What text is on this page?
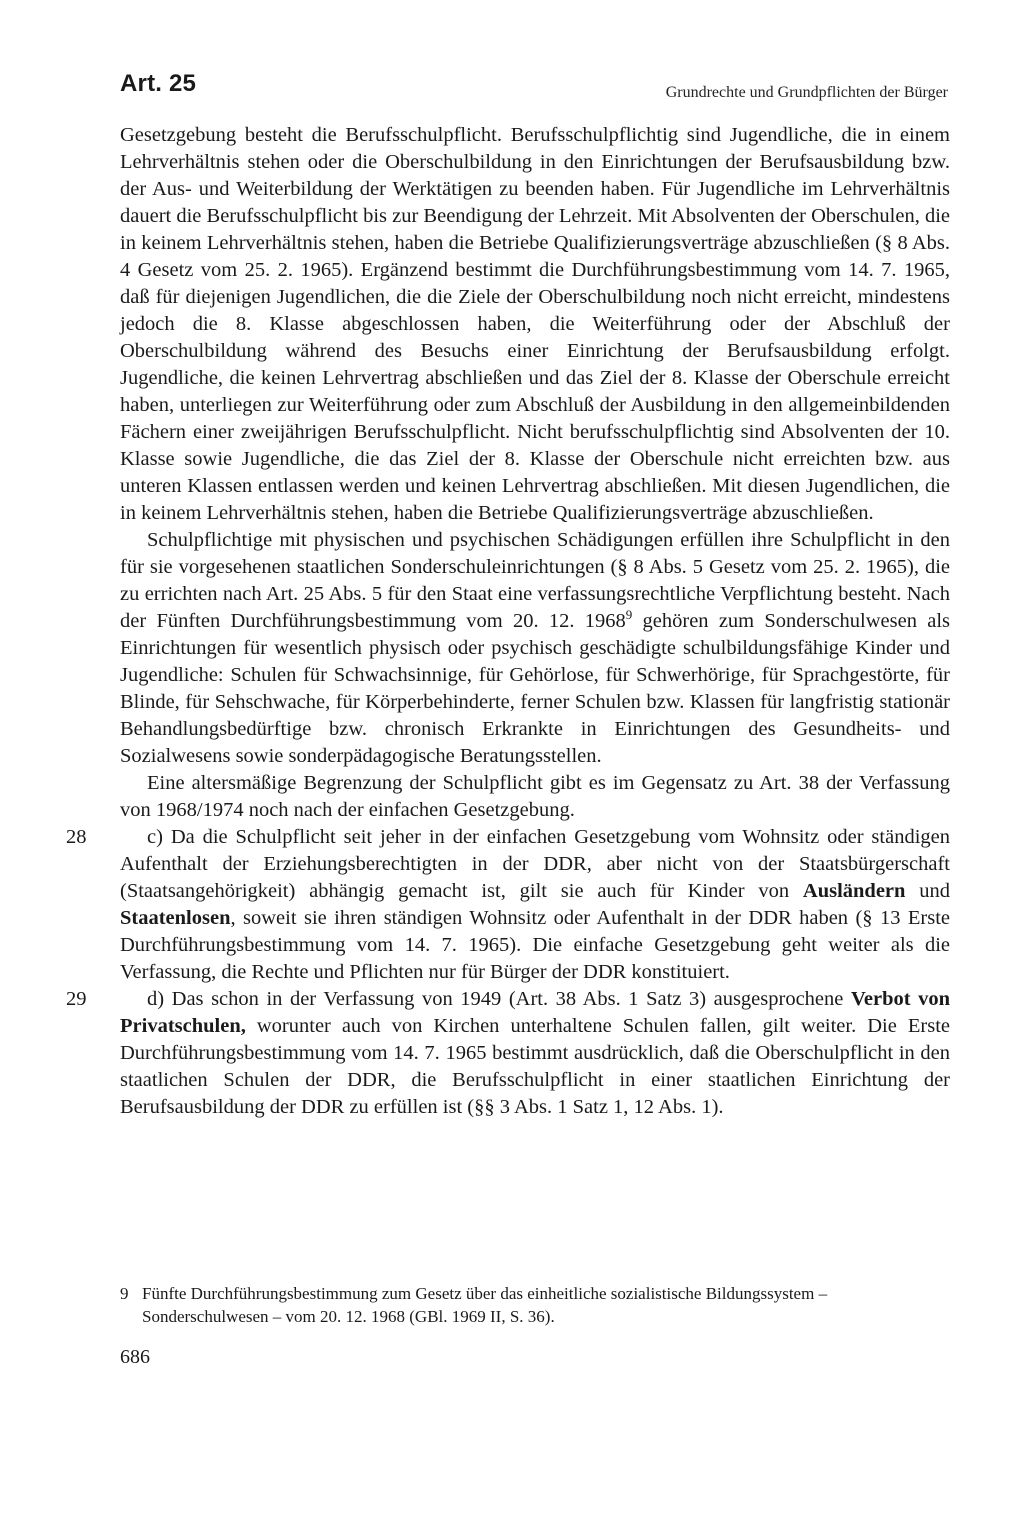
Art. 25	Grundrechte und Grundpflichten der Bürger

Gesetzgebung besteht die Berufsschulpflicht. Berufsschulpflichtig sind Jugendliche, die in einem Lehrverhältnis stehen oder die Oberschulbildung in den Einrichtungen der Berufsausbildung bzw. der Aus- und Weiterbildung der Werktätigen zu beenden haben. Für Jugendliche im Lehrverhältnis dauert die Berufsschulpflicht bis zur Beendigung der Lehrzeit. Mit Absolventen der Oberschulen, die in keinem Lehrverhältnis stehen, haben die Betriebe Qualifizierungsverträge abzuschließen (§ 8 Abs. 4 Gesetz vom 25. 2. 1965). Ergänzend bestimmt die Durchführungsbestimmung vom 14. 7. 1965, daß für diejenigen Jugendlichen, die die Ziele der Oberschulbildung noch nicht erreicht, mindestens jedoch die 8. Klasse abgeschlossen haben, die Weiterführung oder der Abschluß der Oberschulbildung während des Besuchs einer Einrichtung der Berufsausbildung erfolgt. Jugendliche, die keinen Lehrvertrag abschließen und das Ziel der 8. Klasse der Oberschule erreicht haben, unterliegen zur Weiterführung oder zum Abschluß der Ausbildung in den allgemeinbildenden Fächern einer zweijährigen Berufsschulpflicht. Nicht berufsschulpflichtig sind Absolventen der 10. Klasse sowie Jugendliche, die das Ziel der 8. Klasse der Oberschule nicht erreichten bzw. aus unteren Klassen entlassen werden und keinen Lehrvertrag abschließen. Mit diesen Jugendlichen, die in keinem Lehrverhältnis stehen, haben die Betriebe Qualifizierungsverträge abzuschließen.

Schulpflichtige mit physischen und psychischen Schädigungen erfüllen ihre Schulpflicht in den für sie vorgesehenen staatlichen Sonderschuleinrichtungen (§ 8 Abs. 5 Gesetz vom 25. 2. 1965), die zu errichten nach Art. 25 Abs. 5 für den Staat eine verfassungsrechtliche Verpflichtung besteht. Nach der Fünften Durchführungsbestimmung vom 20. 12. 1968$^9$ gehören zum Sonderschulwesen als Einrichtungen für wesentlich physisch oder psychisch geschädigte schulbildungsfähige Kinder und Jugendliche: Schulen für Schwachsinnige, für Gehörlose, für Schwerhörige, für Sprachgestörte, für Blinde, für Sehschwache, für Körperbehinderte, ferner Schulen bzw. Klassen für langfristig stationär Behandlungsbedürftige bzw. chronisch Erkrankte in Einrichtungen des Gesundheits- und Sozialwesens sowie sonderpädagogische Beratungsstellen.

Eine altersmäßige Begrenzung der Schulpflicht gibt es im Gegensatz zu Art. 38 der Verfassung von 1968/1974 noch nach der einfachen Gesetzgebung.

28	c) Da die Schulpflicht seit jeher in der einfachen Gesetzgebung vom Wohnsitz oder ständigen Aufenthalt der Erziehungsberechtigten in der DDR, aber nicht von der Staatsbürgerschaft (Staatsangehörigkeit) abhängig gemacht ist, gilt sie auch für Kinder von Ausländern und Staatenlosen, soweit sie ihren ständigen Wohnsitz oder Aufenthalt in der DDR haben (§ 13 Erste Durchführungsbestimmung vom 14. 7. 1965). Die einfache Gesetzgebung geht weiter als die Verfassung, die Rechte und Pflichten nur für Bürger der DDR konstituiert.

29	d) Das schon in der Verfassung von 1949 (Art. 38 Abs. 1 Satz 3) ausgesprochene Verbot von Privatschulen, worunter auch von Kirchen unterhaltene Schulen fallen, gilt weiter. Die Erste Durchführungsbestimmung vom 14. 7. 1965 bestimmt ausdrücklich, daß die Oberschulpflicht in den staatlichen Schulen der DDR, die Berufsschulpflicht in einer staatlichen Einrichtung der Berufsausbildung der DDR zu erfüllen ist (§§ 3 Abs. 1 Satz 1, 12 Abs. 1).

9 Fünfte Durchführungsbestimmung zum Gesetz über das einheitliche sozialistische Bildungssystem – Sonderschulwesen – vom 20. 12. 1968 (GBl. 1969 II, S. 36).
686
